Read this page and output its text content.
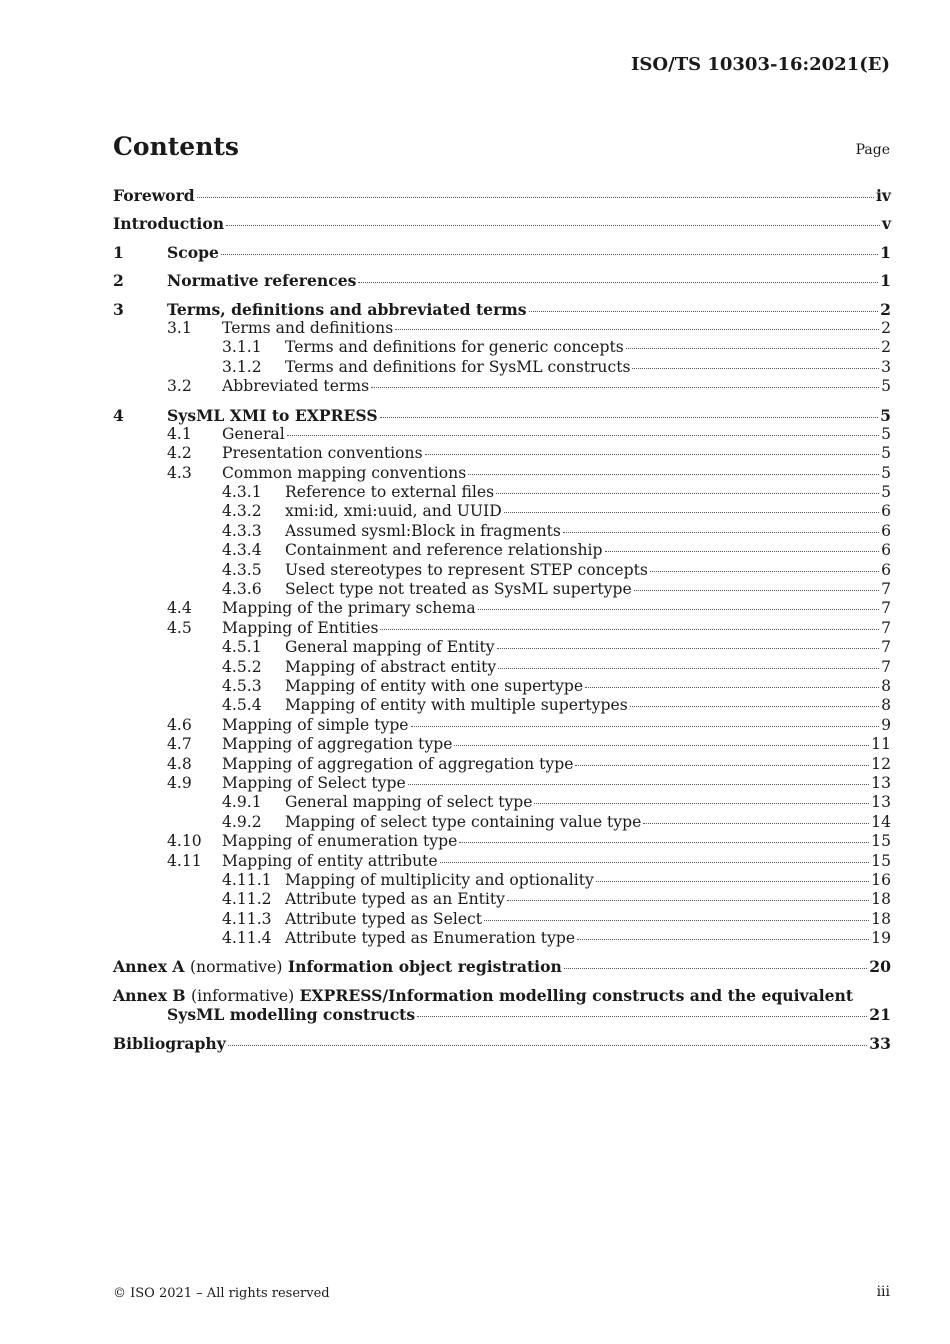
ISO/TS 10303-16:2021(E)
Contents	Page
Foreword	iv
Introduction	v
1	Scope	1
2	Normative references	1
3	Terms, definitions and abbreviated terms	2
3.1	Terms and definitions	2
3.1.1	Terms and definitions for generic concepts	2
3.1.2	Terms and definitions for SysML constructs	3
3.2	Abbreviated terms	5
4	SysML XMI to EXPRESS	5
4.1	General	5
4.2	Presentation conventions	5
4.3	Common mapping conventions	5
4.3.1	Reference to external files	5
4.3.2	xmi:id, xmi:uuid, and UUID	6
4.3.3	Assumed sysml:Block in fragments	6
4.3.4	Containment and reference relationship	6
4.3.5	Used stereotypes to represent STEP concepts	6
4.3.6	Select type not treated as SysML supertype	7
4.4	Mapping of the primary schema	7
4.5	Mapping of Entities	7
4.5.1	General mapping of Entity	7
4.5.2	Mapping of abstract entity	7
4.5.3	Mapping of entity with one supertype	8
4.5.4	Mapping of entity with multiple supertypes	8
4.6	Mapping of simple type	9
4.7	Mapping of aggregation type	11
4.8	Mapping of aggregation of aggregation type	12
4.9	Mapping of Select type	13
4.9.1	General mapping of select type	13
4.9.2	Mapping of select type containing value type	14
4.10	Mapping of enumeration type	15
4.11	Mapping of entity attribute	15
4.11.1 Mapping of multiplicity and optionality	16
4.11.2 Attribute typed as an Entity	18
4.11.3 Attribute typed as Select	18
4.11.4 Attribute typed as Enumeration type	19
Annex A (normative) Information object registration	20
Annex B (informative) EXPRESS/Information modelling constructs and the equivalent
SysML modelling constructs	21
Bibliography	33
© ISO 2021 – All rights reserved	iii
